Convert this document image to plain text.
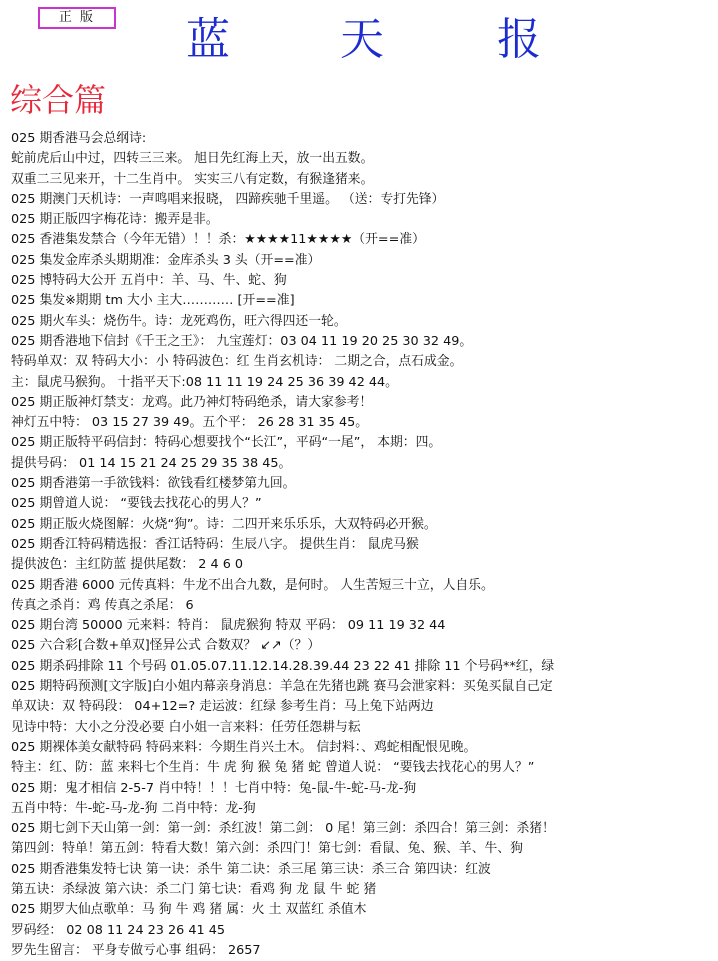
正 版	蓝	天	报
综合篇
025 期香港马会总纲诗:
蛇前虎后山中过，四转三三来。 旭日先红海上天，放一出五数。
双重二三见来开，十二生肖中。 实实三八有定数，有猴逢猪来。
025 期澳门天机诗：一声鸣唱来报晓， 四蹄疾驰千里遥。 （送：专打先锋）
025 期正版四字梅花诗：搬弄是非。
025 香港集发禁合（今年无错）！！杀：★★★★11★★★★（开==准）
025 集发金库杀头期期准：金库杀头 3 头（开==准）
025 博特码大公开 五肖中：羊、马、牛、蛇、狗
025 集发※期期 tm 大小 主大………… [开==准]
025 期火车头：烧伤牛。诗：龙死鸡伤，旺六得四还一轮。
025 期香港地下信封《千王之王》： 九宝莲灯：03 04 11 19 20 25 30 32 49。
特码单双：双 特码大小：小 特码波色：红 生肖玄机诗： 二期之合，点石成金。
主：鼠虎马猴狗。 十指平天下:08 11 11 19 24 25 36 39 42 44。
025 期正版神灯禁支：龙鸡。此乃神灯特码绝杀，请大家参考！
神灯五中特： 03 15 27 39 49。五个平： 26 28 31 35 45。
025 期正版特平码信封：特码心想要找个“长江”，平码“一尾”， 本期：四。
提供号码： 01 14 15 21 24 25 29 35 38 45。
025 期香港第一手欲钱料：欲钱看红楼梦第九回。
025 期曾道人说： “要钱去找花心的男人？”
025 期正版火烧图解：火烧“狗”。诗：二四开来乐乐乐，大双特码必开猴。
025 期香江特码精选报：香江话特码：生辰八字。 提供生肖： 鼠虎马猴
提供波色：主红防蓝 提供尾数： 2 4 6 0
025 期香港 6000 元传真料：牛龙不出合九数，是何时。 人生苦短三十立，人自乐。
传真之杀肖：鸡 传真之杀尾： 6
025 期台湾 50000 元来料：特肖： 鼠虎猴狗 特双 平码： 09 11 19 32 44
025 六合彩[合数+单双]怪异公式 合数双？ ↙↗（？）
025 期杀码排除 11 个号码 01.05.07.11.12.14.28.39.44 23 22 41 排除 11 个号码**红，绿
025 期特码预测[文字版]白小姐内幕亲身消息：羊急在先猪也跳 赛马会泄家料：买兔买鼠自己定
单双诀：双 特码段： 04+12=? 走运波：红绿 参考生肖：马上兔下站两边
见诗中特：大小之分没必要 白小姐一言来料：任劳任怨耕与耘
025 期裸体美女献特码 特码来料：今期生肖兴土木。 信封料：、鸡蛇相配恨见晚。
特主：红、防：蓝 来料七个生肖：牛 虎 狗 猴 兔 猪 蛇 曾道人说： “要钱去找花心的男人？”
025 期：鬼才相信 2-5-7 肖中特！！！七肖中特：兔-鼠-牛-蛇-马-龙-狗
五肖中特：牛-蛇-马-龙-狗 二肖中特：龙-狗
025 期七剑下天山第一剑：第一剑：杀红波！第二剑： 0 尾！第三剑：杀四合！第三剑：杀猪！
第四剑：特单！第五剑：特看大数！第六剑：杀四门！第七剑：看鼠、兔、猴、羊、牛、狗
025 期香港集发特七诀 第一诀：杀牛 第二诀：杀三尾 第三诀：杀三合 第四诀：红波
第五诀：杀绿波 第六诀：杀二门 第七诀：看鸡 狗 龙 鼠 牛 蛇 猪
025 期罗大仙点歌单：马 狗 牛 鸡 猪 属：火 土 双蓝红 杀值木
罗码经： 02 08 11 24 23 26 41 45
罗先生留言： 平身专做亏心事 组码： 2657
